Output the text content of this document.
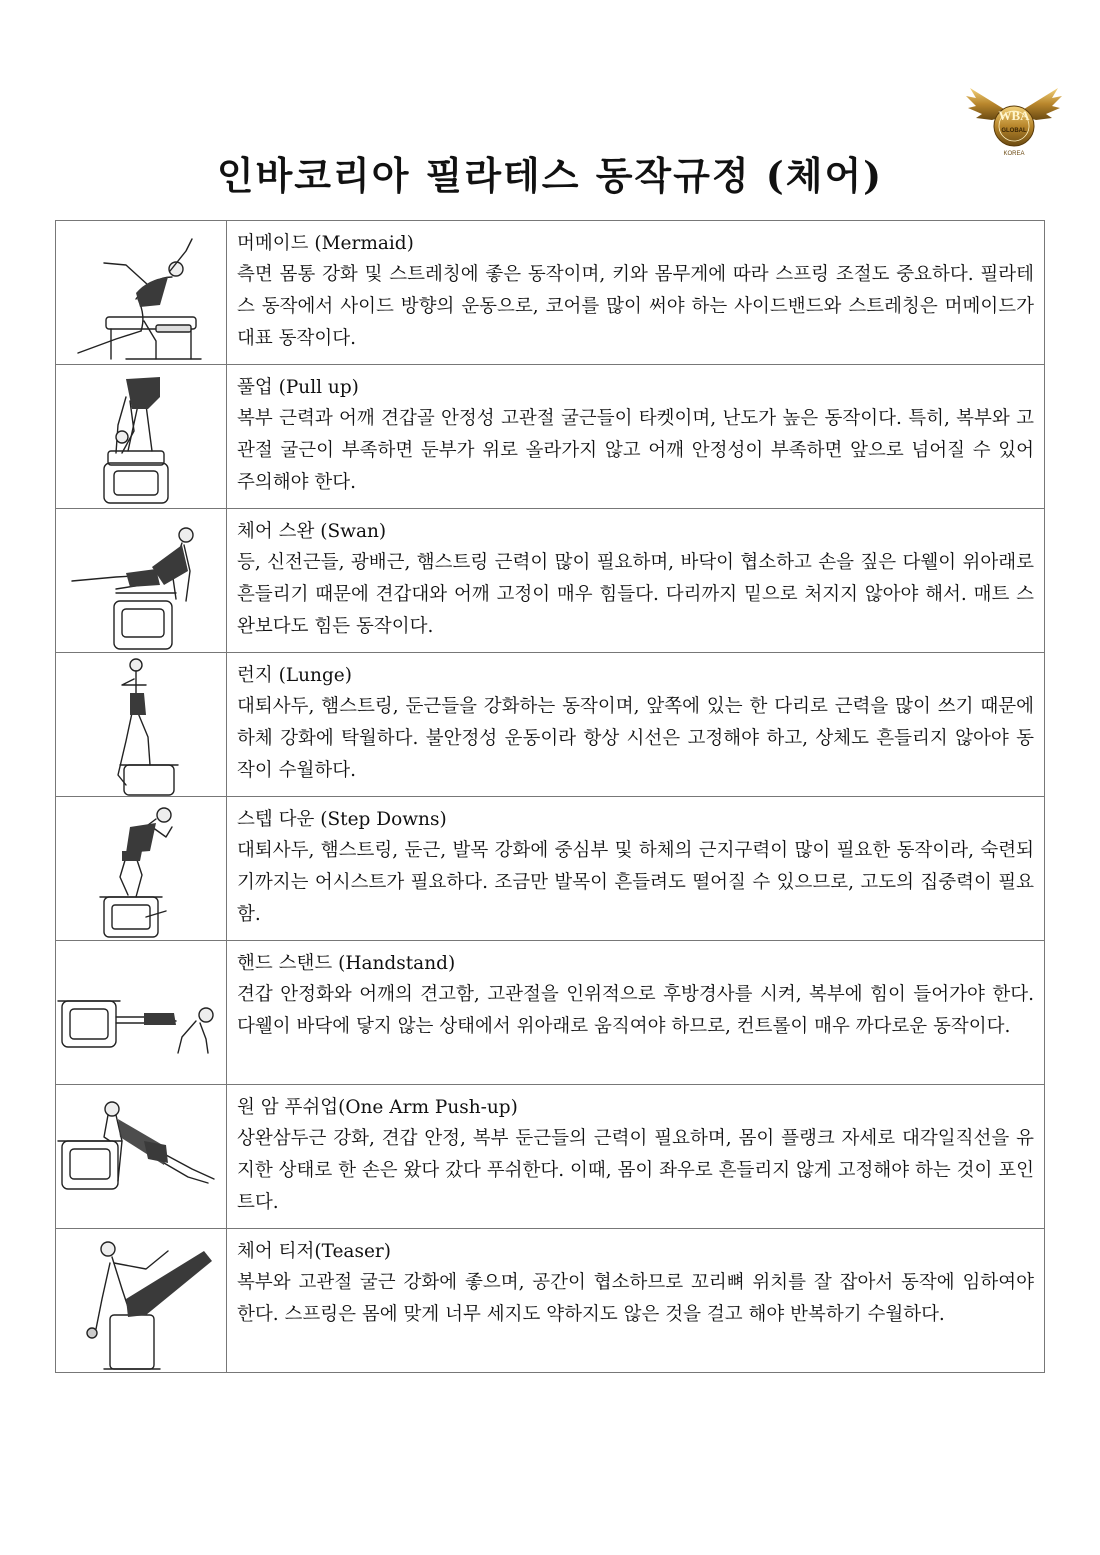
WBA
GLOBAL
KOREA
인바코리아 필라테스 동작규정 (체어)

머메이드 (Mermaid)

측면 몸통 강화 및 스트레칭에 좋은 동작이며, 키와 몸무게에 따라 스프링 조절도 중요하다. 필라테스 동작에서 사이드 방향의 운동으로, 코어를 많이 써야 하는 사이드밴드와 스트레칭은 머메이드가 대표 동작이다.

풀업 (Pull up)

복부 근력과 어깨 견갑골 안정성 고관절 굴근들이 타켓이며, 난도가 높은 동작이다. 특히, 복부와 고관절 굴근이 부족하면 둔부가 위로 올라가지 않고 어깨 안정성이 부족하면 앞으로 넘어질 수 있어 주의해야 한다.

체어 스완 (Swan)

등, 신전근들, 광배근, 햄스트링 근력이 많이 필요하며, 바닥이 협소하고 손을 짚은 다웰이 위아래로 흔들리기 때문에 견갑대와 어깨 고정이 매우 힘들다. 다리까지 밑으로 처지지 않아야 해서. 매트 스완보다도 힘든 동작이다.

런지 (Lunge)

대퇴사두, 햄스트링, 둔근들을 강화하는 동작이며, 앞쪽에 있는 한 다리로 근력을 많이 쓰기 때문에 하체 강화에 탁월하다. 불안정성 운동이라 항상 시선은 고정해야 하고, 상체도 흔들리지 않아야 동작이 수월하다.

스텝 다운 (Step Downs)

대퇴사두, 햄스트링, 둔근, 발목 강화에 중심부 및 하체의 근지구력이 많이 필요한 동작이라, 숙련되기까지는 어시스트가 필요하다. 조금만 발목이 흔들려도 떨어질 수 있으므로, 고도의 집중력이 필요함.

핸드 스탠드 (Handstand)

견갑 안정화와 어깨의 견고함, 고관절을 인위적으로 후방경사를 시켜, 복부에 힘이 들어가야 한다. 다웰이 바닥에 닿지 않는 상태에서 위아래로 움직여야 하므로, 컨트롤이 매우 까다로운 동작이다.

원 암 푸쉬업(One Arm Push-up)

상완삼두근 강화, 견갑 안정, 복부 둔근들의 근력이 필요하며, 몸이 플랭크 자세로 대각일직선을 유지한 상태로 한 손은 왔다 갔다 푸쉬한다. 이때, 몸이 좌우로 흔들리지 않게 고정해야 하는 것이 포인트다.

체어 티저(Teaser)

복부와 고관절 굴근 강화에 좋으며, 공간이 협소하므로 꼬리뼈 위치를 잘 잡아서 동작에 임하여야 한다. 스프링은 몸에 맞게 너무 세지도 약하지도 않은 것을 걸고 해야 반복하기 수월하다.
